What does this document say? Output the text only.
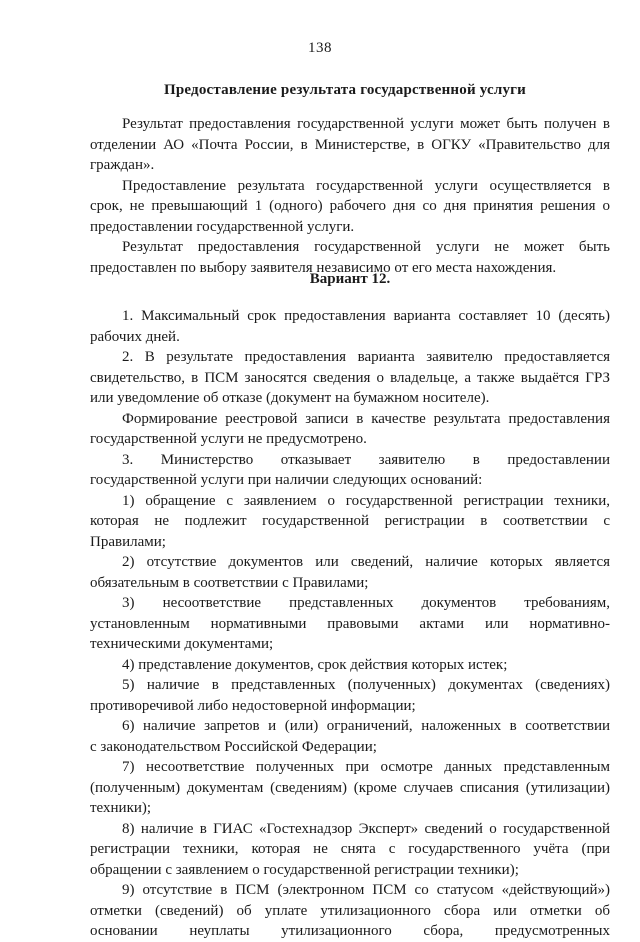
138
Предоставление результата государственной услуги
Результат предоставления государственной услуги может быть получен в
отделении АО «Почта России, в Министерстве, в ОГКУ «Правительство для
граждан».
Предоставление результата государственной услуги осуществляется в
срок, не превышающий 1 (одного) рабочего дня со дня принятия решения о
предоставлении государственной услуги.
Результат предоставления государственной услуги не может быть
предоставлен по выбору заявителя независимо от его места нахождения.
Вариант 12.
1. Максимальный срок предоставления варианта составляет 10 (десять)
рабочих дней.
2. В результате предоставления варианта заявителю предоставляется
свидетельство, в ПСМ заносятся сведения о владельце, а также выдаётся ГРЗ
или уведомление об отказе (документ на бумажном носителе).
Формирование реестровой записи в качестве результата предоставления
государственной услуги не предусмотрено.
3. Министерство отказывает заявителю в предоставлении
государственной услуги при наличии следующих оснований:
1) обращение с заявлением о государственной регистрации техники,
которая не подлежит государственной регистрации в соответствии с
Правилами;
2) отсутствие документов или сведений, наличие которых является
обязательным в соответствии с Правилами;
3) несоответствие представленных документов требованиям,
установленным нормативными правовыми актами или нормативно-
техническими документами;
4) представление документов, срок действия которых истек;
5) наличие в представленных (полученных) документах (сведениях)
противоречивой либо недостоверной информации;
6) наличие запретов и (или) ограничений, наложенных в соответствии
с законодательством Российской Федерации;
7) несоответствие полученных при осмотре данных представленным
(полученным) документам (сведениям) (кроме случаев списания (утилизации)
техники);
8) наличие в ГИАС «Гостехнадзор Эксперт» сведений о государственной
регистрации техники, которая не снята с государственного учёта (при
обращении с заявлением о государственной регистрации техники);
9) отсутствие в ПСМ (электронном ПСМ со статусом «действующий»)
отметки (сведений) об уплате утилизационного сбора или отметки об
основании неуплаты утилизационного сбора, предусмотренных
